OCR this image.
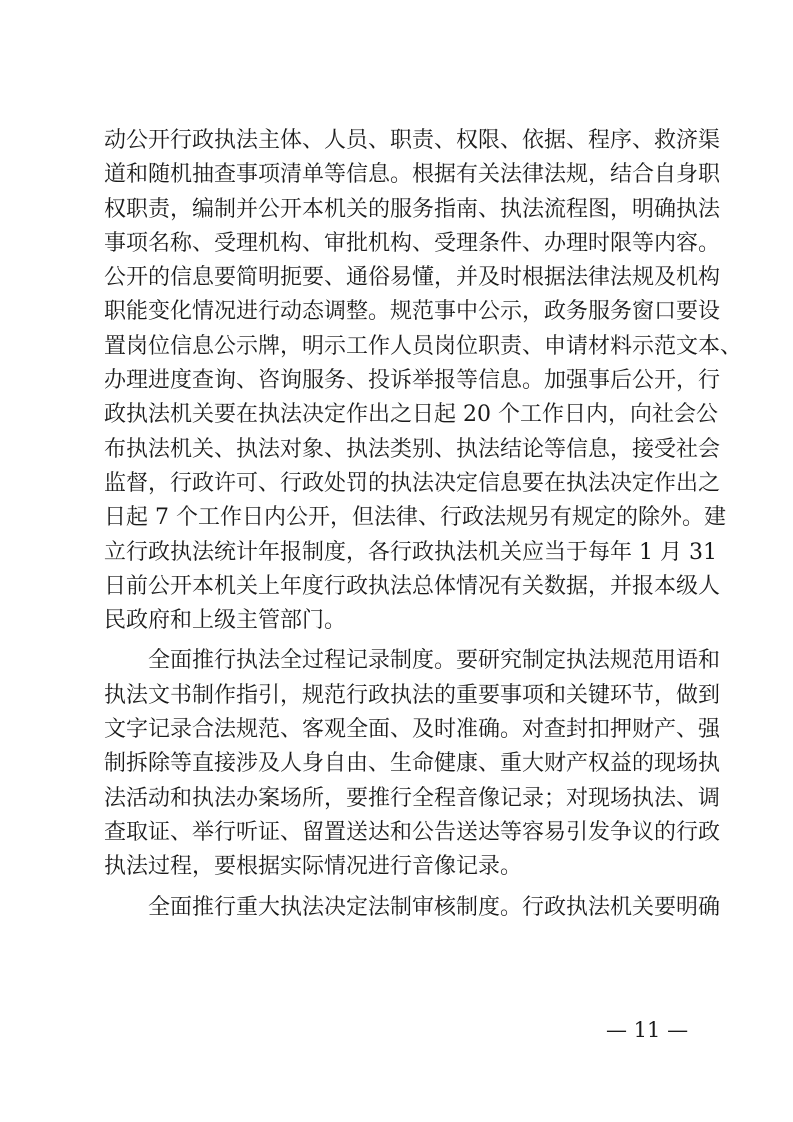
动公开行政执法主体、人员、职责、权限、依据、程序、救济渠
道和随机抽查事项清单等信息。根据有关法律法规，结合自身职
权职责，编制并公开本机关的服务指南、执法流程图，明确执法
事项名称、受理机构、审批机构、受理条件、办理时限等内容。
公开的信息要简明扼要、通俗易懂，并及时根据法律法规及机构
职能变化情况进行动态调整。规范事中公示，政务服务窗口要设
置岗位信息公示牌，明示工作人员岗位职责、申请材料示范文本、
办理进度查询、咨询服务、投诉举报等信息。加强事后公开，行
政执法机关要在执法决定作出之日起 20 个工作日内，向社会公
布执法机关、执法对象、执法类别、执法结论等信息，接受社会
监督，行政许可、行政处罚的执法决定信息要在执法决定作出之
日起 7 个工作日内公开，但法律、行政法规另有规定的除外。建
立行政执法统计年报制度，各行政执法机关应当于每年 1 月 31
日前公开本机关上年度行政执法总体情况有关数据，并报本级人
民政府和上级主管部门。
全面推行执法全过程记录制度。要研究制定执法规范用语和
执法文书制作指引，规范行政执法的重要事项和关键环节，做到
文字记录合法规范、客观全面、及时准确。对查封扣押财产、强
制拆除等直接涉及人身自由、生命健康、重大财产权益的现场执
法活动和执法办案场所，要推行全程音像记录；对现场执法、调
查取证、举行听证、留置送达和公告送达等容易引发争议的行政
执法过程，要根据实际情况进行音像记录。
全面推行重大执法决定法制审核制度。行政执法机关要明确
— 11 —
